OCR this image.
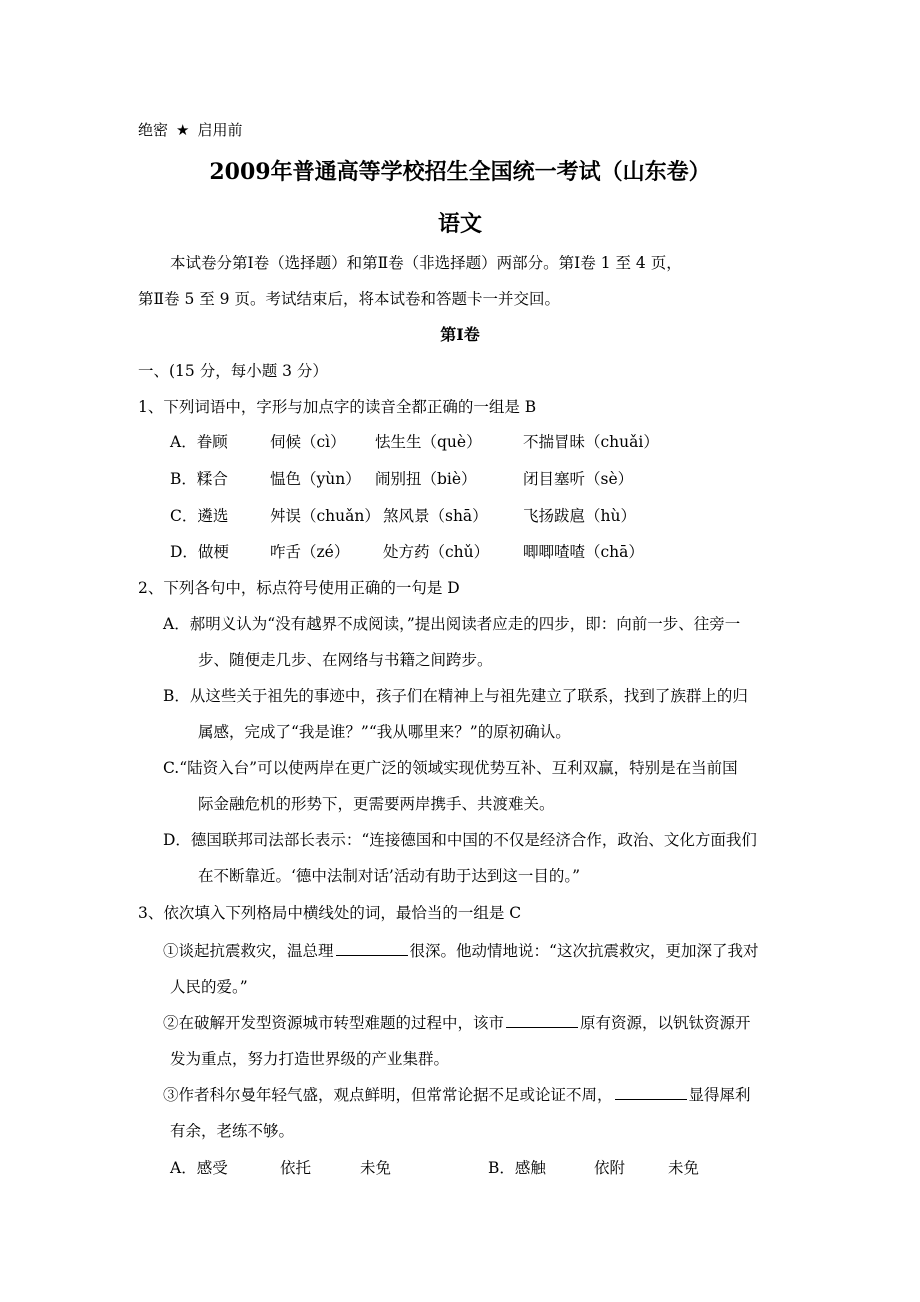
绝密 ★ 启用前
2009年普通高等学校招生全国统一考试（山东卷）
语文
本试卷分第Ⅰ卷（选择题）和第Ⅱ卷（非选择题）两部分。第Ⅰ卷 1 至 4 页，
第Ⅱ卷 5 至 9 页。考试结束后，将本试卷和答题卡一并交回。
第Ⅰ卷
一、(15 分，每小题 3 分）
1、下列词语中，字形与加点字的读音全都正确的一组是 B
A．眷顾	伺候（cì） 怯生生（què）	不揣冒昧（chuǎi）
B．糅合	愠色（yùn） 闹别扭（biè）	闭目塞听（sè）
C．遴选	舛误（chuǎn） 煞风景（shā） 飞扬跋扈（hù）
D．做梗	咋舌（zé） 处方药（chǔ） 唧唧喳喳（chā）
2、下列各句中，标点符号使用正确的一句是 D
A．郝明义认为“没有越界不成阅读，”提出阅读者应走的四步，即：向前一步、往旁一
步、随便走几步、在网络与书籍之间跨步。
B．从这些关于祖先的事迹中，孩子们在精神上与祖先建立了联系，找到了族群上的归
属感，完成了“我是谁？”“我从哪里来？”的原初确认。
C.“陆资入台”可以使两岸在更广泛的领域实现优势互补、互利双赢，特别是在当前国
际金融危机的形势下，更需要两岸携手、共渡难关。
D．德国联邦司法部长表示：“连接德国和中国的不仅是经济合作，政治、文化方面我们
在不断靠近。‘德中法制对话’活动有助于达到这一目的。”
3、依次填入下列格局中横线处的词，最恰当的一组是 C
①谈起抗震救灾，温总理	很深。他动情地说：“这次抗震救灾，更加深了我对
人民的爱。”
②在破解开发型资源城市转型难题的过程中，该市	原有资源，以钒钛资源开
发为重点，努力打造世界级的产业集群。
③作者科尔曼年轻气盛，观点鲜明，但常常论据不足或论证不周，	显得犀利
有余，老练不够。
A．感受	依托	未免	B．感触	依附	未免
